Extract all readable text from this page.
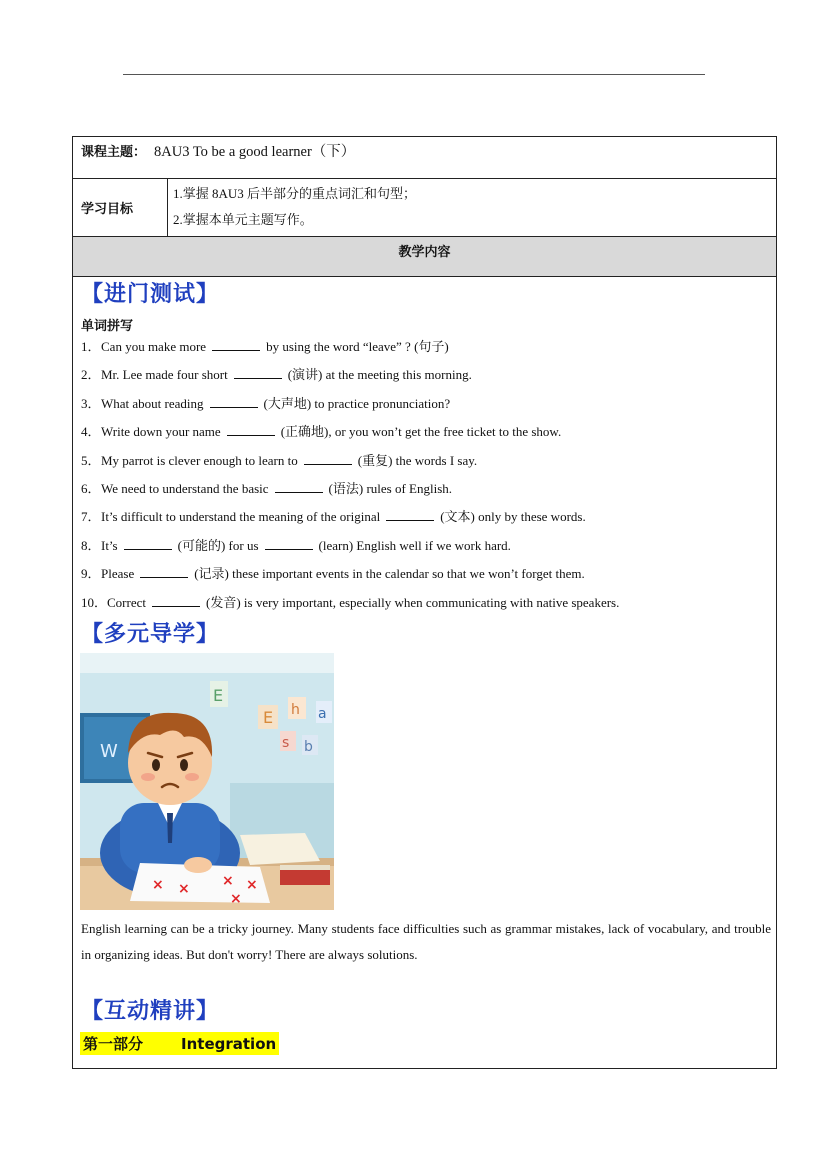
课程主题： 8AU3 To be a good learner（下）
学习目标
1.掌握 8AU3 后半部分的重点词汇和句型；
2.掌握本单元主题写作。
教学内容
【进门测试】
单词拼写
1．Can you make more	by using the word “leave” ? (句子)
2．Mr. Lee made four short	(演讲) at the meeting this morning.
3．What about reading	(大声地) to practice pronunciation?
4．Write down your name	(正确地), or you won’t get the free ticket to the show.
5．My parrot is clever enough to learn to	(重复) the words I say.
6．We need to understand the basic	(语法) rules of English.
7．It’s difficult to understand the meaning of the original	(文本) only by these words.
8．It’s	(可能的) for us	(learn) English well if we work hard.
9．Please	(记录) these important events in the calendar so that we won’t forget them.
10．Correct	(发音) is very important, especially when communicating with native speakers.
【多元导学】
W
E
E h a
s b
× × × ×
×
English learning can be a tricky journey. Many students face difficulties such as grammar mistakes, lack of vocabulary, and trouble in organizing ideas. But don't worry! There are always solutions.
【互动精讲】
第一部分	Integration
